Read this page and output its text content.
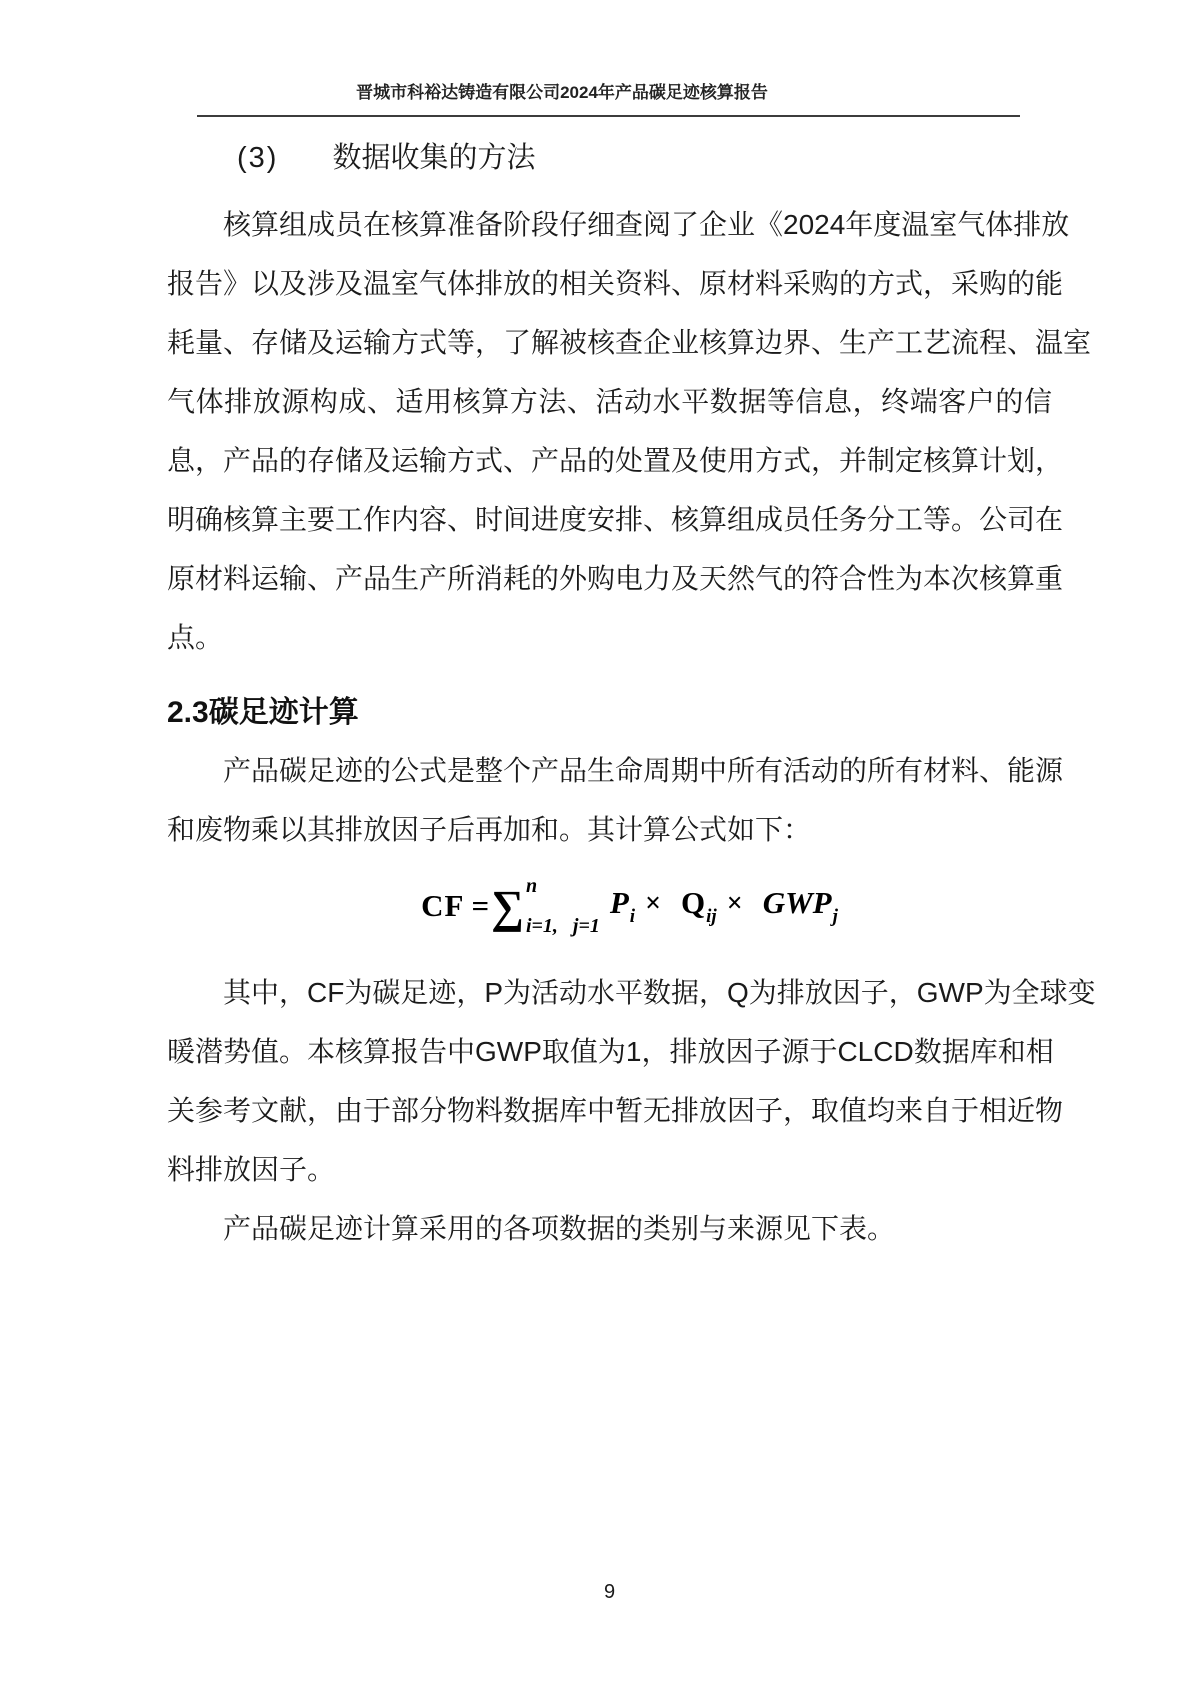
晋城市科裕达铸造有限公司2024年产品碳足迹核算报告
(3) 数据收集的方法
核算组成员在核算准备阶段仔细查阅了企业《2024年度温室气体排放
报告》以及涉及温室气体排放的相关资料、原材料采购的方式，采购的能
耗量、存储及运输方式等，了解被核查企业核算边界、生产工艺流程、温室
气体排放源构成、适用核算方法、活动水平数据等信息，终端客户的信
息，产品的存储及运输方式、产品的处置及使用方式，并制定核算计划，
明确核算主要工作内容、时间进度安排、核算组成员任务分工等。公司在
原材料运输、产品生产所消耗的外购电力及天然气的符合性为本次核算重
点。
2.3碳足迹计算
产品碳足迹的公式是整个产品生命周期中所有活动的所有材料、能源
和废物乘以其排放因子后再加和。其计算公式如下：
CF = ∑ n
i=1, j=1
$P_i \times Q_{ij} \times GWP_j$
其中，CF为碳足迹，P为活动水平数据，Q为排放因子，GWP为全球变
暖潜势值。本核算报告中GWP取值为1，排放因子源于CLCD数据库和相
关参考文献，由于部分物料数据库中暂无排放因子，取值均来自于相近物
料排放因子。
产品碳足迹计算采用的各项数据的类别与来源见下表。
9
